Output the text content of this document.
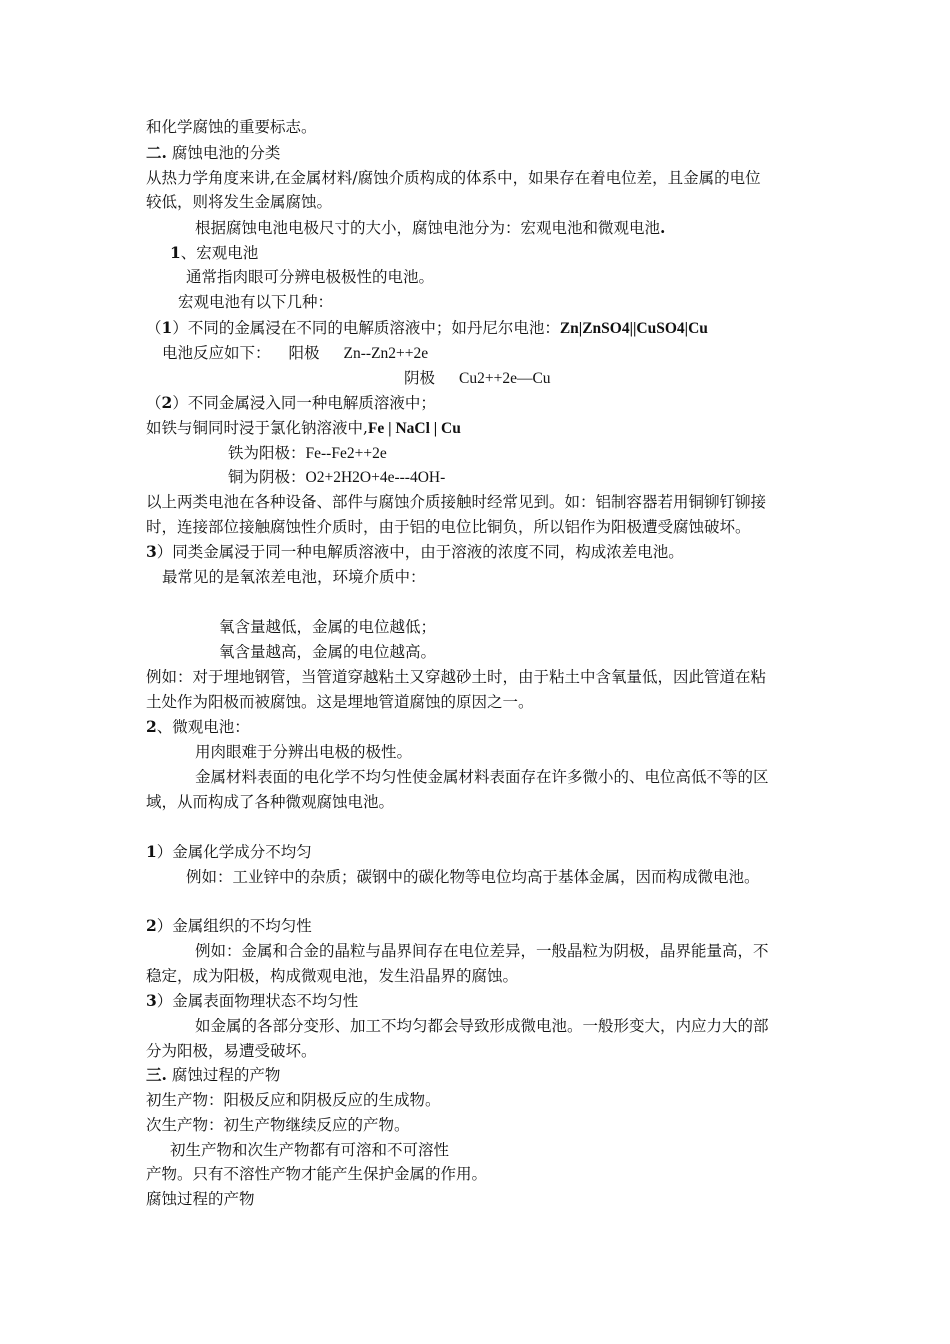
和化学腐蚀的重要标志。
二. 腐蚀电池的分类
从热力学角度来讲,在金属材料/腐蚀介质构成的体系中，如果存在着电位差，且金属的电位
较低，则将发生金属腐蚀。
根据腐蚀电池电极尺寸的大小，腐蚀电池分为：宏观电池和微观电池.
1、宏观电池
通常指肉眼可分辨电极极性的电池。
宏观电池有以下几种：
（1）不同的金属浸在不同的电解质溶液中；如丹尼尔电池：Zn|ZnSO4||CuSO4|Cu
电池反应如下： 阳极 Zn--Zn2++2e
阴极 Cu2++2e—Cu
（2）不同金属浸入同一种电解质溶液中；
如铁与铜同时浸于氯化钠溶液中,Fe | NaCl | Cu
铁为阳极：Fe--Fe2++2e
铜为阴极：O2+2H2O+4e---4OH-
以上两类电池在各种设备、部件与腐蚀介质接触时经常见到。如：铝制容器若用铜铆钉铆接
时，连接部位接触腐蚀性介质时，由于铝的电位比铜负，所以铝作为阳极遭受腐蚀破坏。
3）同类金属浸于同一种电解质溶液中，由于溶液的浓度不同，构成浓差电池。
最常见的是氧浓差电池，环境介质中：
氧含量越低，金属的电位越低；
氧含量越高，金属的电位越高。
例如：对于埋地钢管，当管道穿越粘土又穿越砂土时，由于粘土中含氧量低，因此管道在粘
土处作为阳极而被腐蚀。这是埋地管道腐蚀的原因之一。
2、微观电池：
用肉眼难于分辨出电极的极性。
金属材料表面的电化学不均匀性使金属材料表面存在许多微小的、电位高低不等的区
域，从而构成了各种微观腐蚀电池。
1）金属化学成分不均匀
例如：工业锌中的杂质；碳钢中的碳化物等电位均高于基体金属，因而构成微电池。
2）金属组织的不均匀性
例如：金属和合金的晶粒与晶界间存在电位差异，一般晶粒为阴极，晶界能量高，不
稳定，成为阳极，构成微观电池，发生沿晶界的腐蚀。
3）金属表面物理状态不均匀性
如金属的各部分变形、加工不均匀都会导致形成微电池。一般形变大，内应力大的部
分为阳极，易遭受破坏。
三. 腐蚀过程的产物
初生产物：阳极反应和阴极反应的生成物。
次生产物：初生产物继续反应的产物。
初生产物和次生产物都有可溶和不可溶性
产物。只有不溶性产物才能产生保护金属的作用。
腐蚀过程的产物
